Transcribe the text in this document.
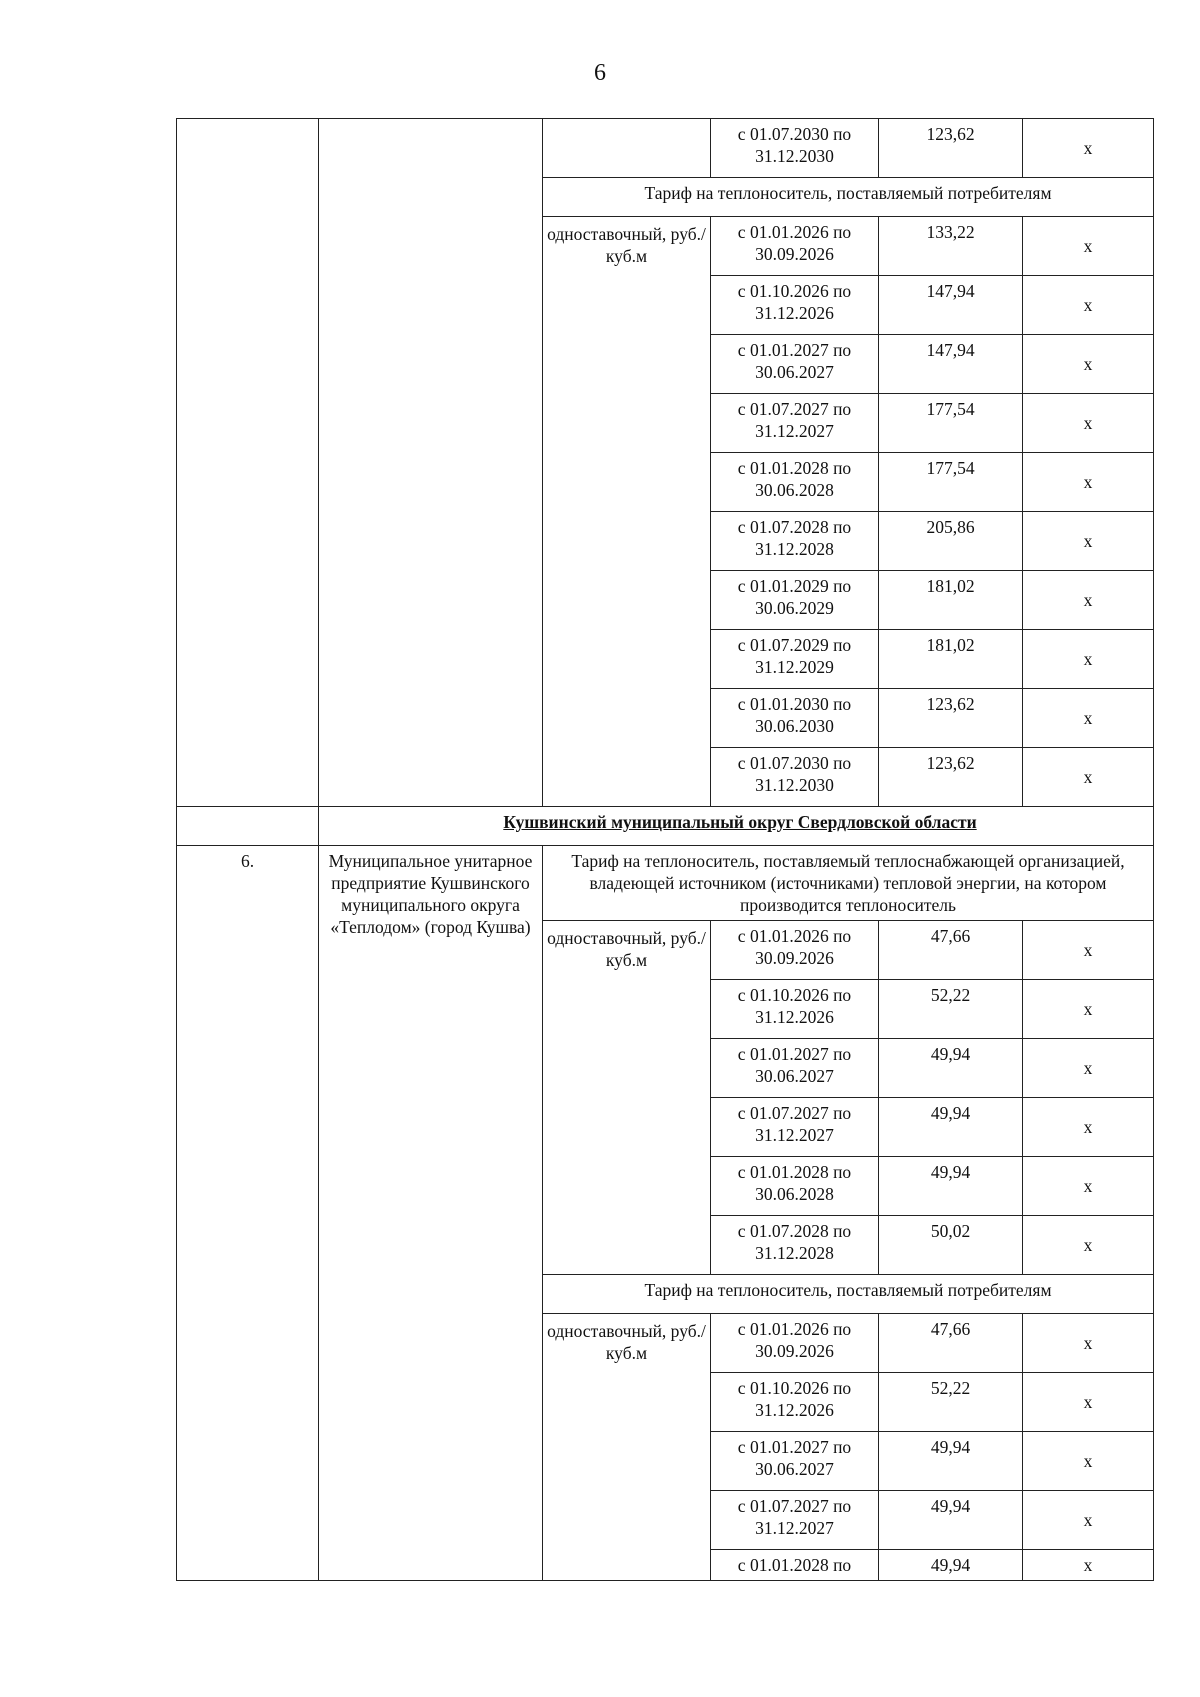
6
			с 01.07.2030 по 31.12.2030	123,62	х
		Тариф на теплоноситель, поставляемый потребителям			
		одноставочный, руб./куб.м	с 01.01.2026 по 30.09.2026	133,22	х
			с 01.10.2026 по 31.12.2026	147,94	х
			с 01.01.2027 по 30.06.2027	147,94	х
			с 01.07.2027 по 31.12.2027	177,54	х
			с 01.01.2028 по 30.06.2028	177,54	х
			с 01.07.2028 по 31.12.2028	205,86	х
			с 01.01.2029 по 30.06.2029	181,02	х
			с 01.07.2029 по 31.12.2029	181,02	х
			с 01.01.2030 по 30.06.2030	123,62	х
			с 01.07.2030 по 31.12.2030	123,62	х
	Кушвинский муниципальный округ Свердловской области				
6.	Муниципальное унитарное предприятие Кушвинского муниципального округа «Теплодом» (город Кушва)	Тариф на теплоноситель, поставляемый теплоснабжающей организацией, владеющей источником (источниками) тепловой энергии, на котором производится теплоноситель			
		одноставочный, руб./куб.м	с 01.01.2026 по 30.09.2026	47,66	х
			с 01.10.2026 по 31.12.2026	52,22	х
			с 01.01.2027 по 30.06.2027	49,94	х
			с 01.07.2027 по 31.12.2027	49,94	х
			с 01.01.2028 по 30.06.2028	49,94	х
			с 01.07.2028 по 31.12.2028	50,02	х
		Тариф на теплоноситель, поставляемый потребителям			
		одноставочный, руб./куб.м	с 01.01.2026 по 30.09.2026	47,66	х
			с 01.10.2026 по 31.12.2026	52,22	х
			с 01.01.2027 по 30.06.2027	49,94	х
			с 01.07.2027 по 31.12.2027	49,94	х
			с 01.01.2028 по	49,94	х
